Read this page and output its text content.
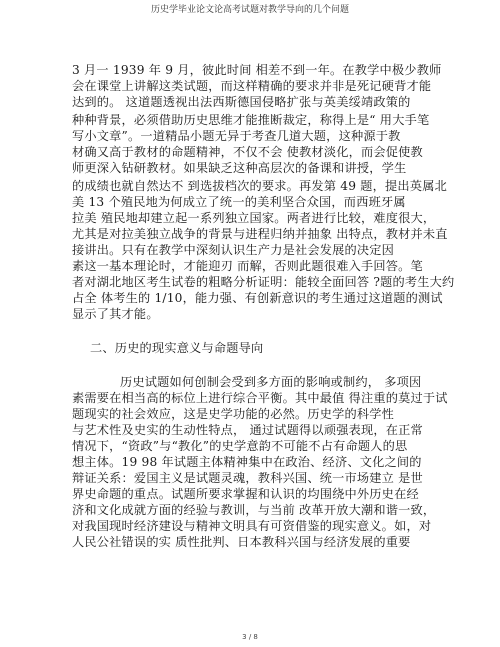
历史学毕业论文论高考试题对教学导向的几个问题
3 月一 1939 年 9 月，彼此时间 相差不到一年。在教学中极少教师
会在课堂上讲解这类试题，而这样精确的要求并非是死记硬背才能
达到的。 这道题透视出法西斯德国侵略扩张与英美绥靖政策的
种种背景，必须借助历史思维才能推断裁定，称得上是“ 用大手笔
写小文章”。一道精品小题无异于考查几道大题，这种源于教
材确又高于教材的命题精神，不仅不会 使教材淡化，而会促使教
师更深入钻研教材。如果缺乏这种高层次的备课和讲授，学生
的成绩也就自然达不 到选拔档次的要求。再发第 49 题，提出英属北
美 13 个殖民地为何成立了统一的美利坚合众国，而西班牙属
拉美 殖民地却建立起一系列独立国家。两者进行比较，难度很大，
尤其是对拉美独立战争的背景与进程归纳并抽象 出特点，教材并未直
接讲出。只有在教学中深刻认识生产力是社会发展的决定因
素这一基本理论时，才能迎刃 而解，否则此题很难入手回答。笔
者对湖北地区考生试卷的粗略分析证明：能较全面回答 ?题的考生大约
占全 体考生的 1/10，能力强、有创新意识的考生通过这道题的测试
显示了其才能。
二、历史的现实意义与命题导向
历史试题如何创制会受到多方面的影响或制约， 多项因
素需要在相当高的标位上进行综合平衡。其中最值 得注重的莫过于试
题现实的社会效应，这是史学功能的必然。历史学的科学性
与艺术性及史实的生动性特点， 通过试题得以顽强表现，在正常
情况下，“资政”与“教化”的史学意韵不可能不占有命题人的思
想主体。19 98 年试题主体精神集中在政治、经济、文化之间的
辩证关系：爱国主义是试题灵魂，教科兴国、统一市场建立 是世
界史命题的重点。试题所要求掌握和认识的均围绕中外历史在经
济和文化成就方面的经验与教训，与当前 改革开放大潮和谐一致，
对我国现时经济建设与精神文明具有可资借鉴的现实意义。如，对
人民公社错误的实 质性批判、日本教科兴国与经济发展的重要
3 / 8
